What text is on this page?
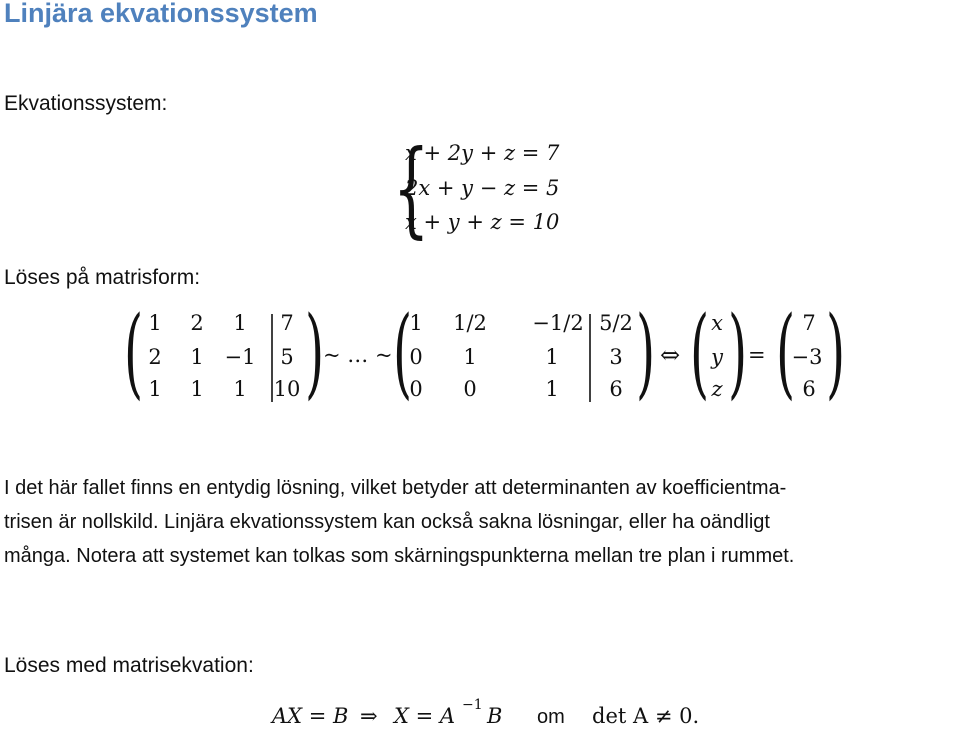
Linjära ekvationssystem
Ekvationssystem:
{
x + 2y + z = 7
2x + y − z = 5
x + y + z = 10
Löses på matrisform:
( 1 2 1 7
2 1 −1 5
1 1 1 10 )
~ … ~ (
1 1/2 −1/2 5/2
0 1	1 3
0 0	1 6 ) ⇔ ( x
y
z ) = ( 7
−3
6 )
I det här fallet finns en entydig lösning, vilket betyder att determinanten av koefficientma-
trisen är nollskild. Linjära ekvationssystem kan också sakna lösningar, eller ha oändligt
många. Notera att systemet kan tolkas som skärningspunkterna mellan tre plan i rummet.
Löses med matrisekvation:
AX = B ⇒ X = A −1 B om det A ≠ 0.
